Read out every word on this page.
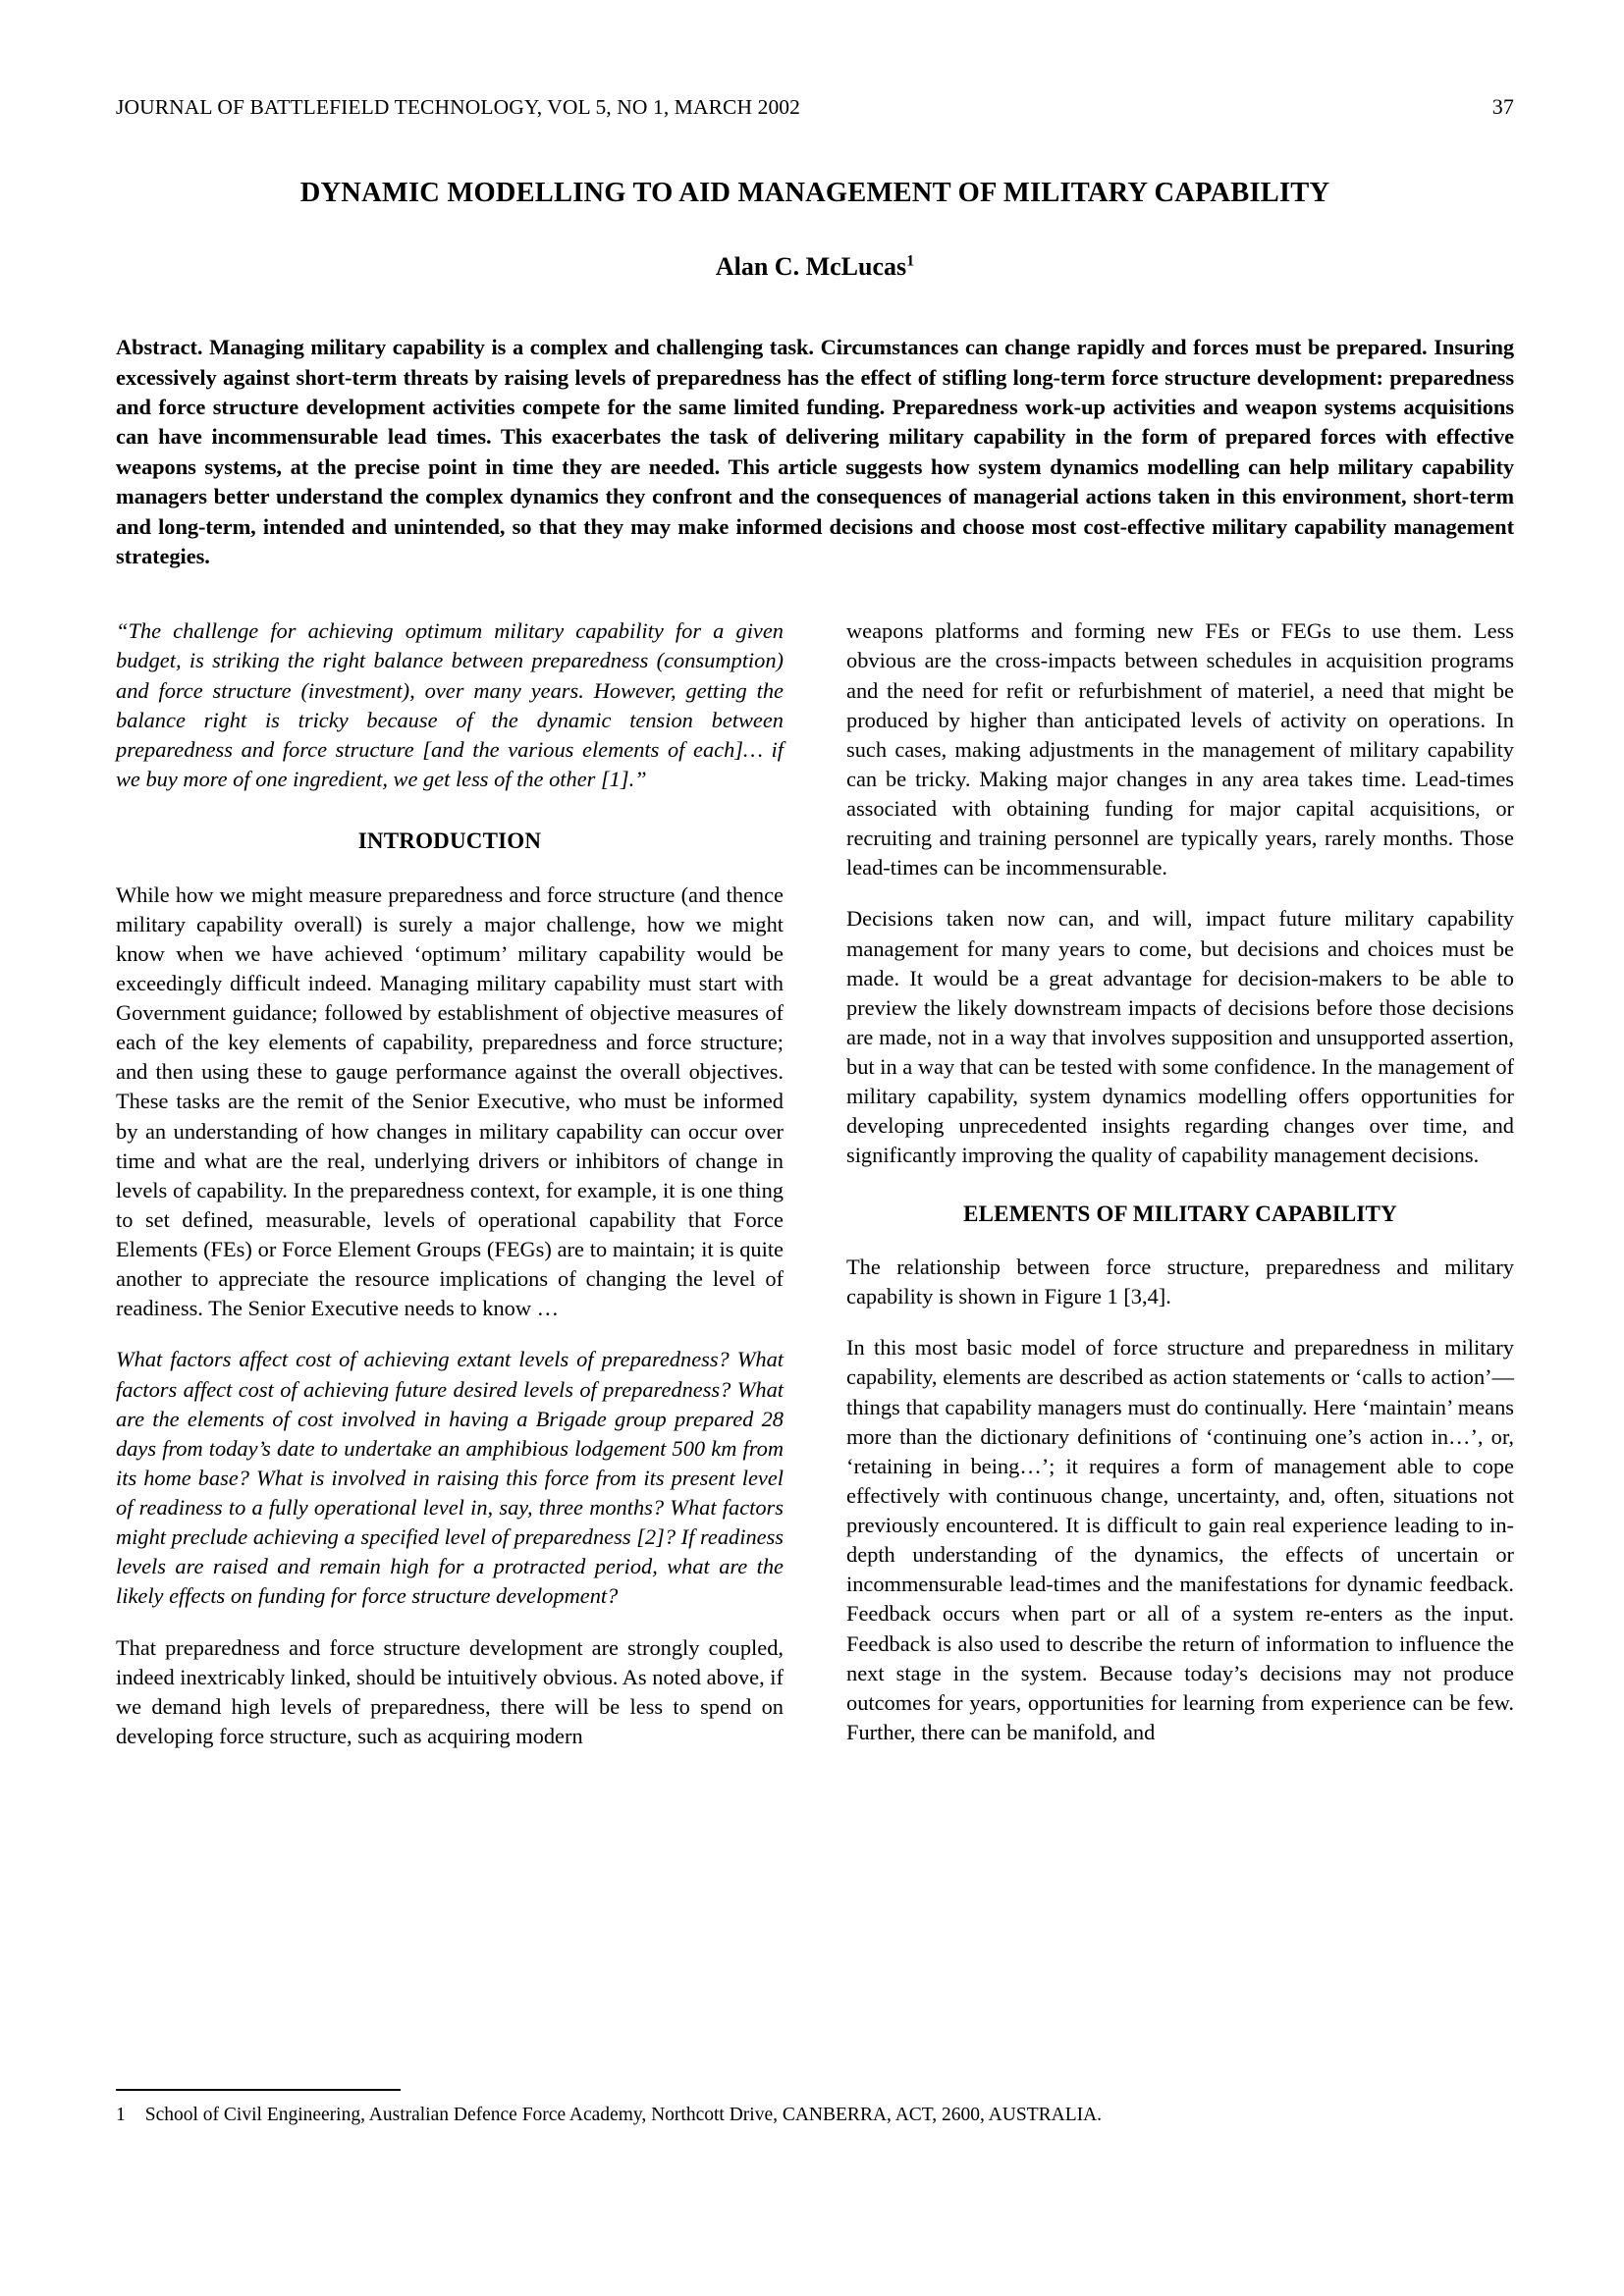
JOURNAL OF BATTLEFIELD TECHNOLOGY, VOL 5, NO 1, MARCH 2002	37
DYNAMIC MODELLING TO AID MANAGEMENT OF MILITARY CAPABILITY
Alan C. McLucas$^1$
Abstract. Managing military capability is a complex and challenging task. Circumstances can change rapidly and forces must be prepared. Insuring excessively against short-term threats by raising levels of preparedness has the effect of stifling long-term force structure development: preparedness and force structure development activities compete for the same limited funding. Preparedness work-up activities and weapon systems acquisitions can have incommensurable lead times. This exacerbates the task of delivering military capability in the form of prepared forces with effective weapons systems, at the precise point in time they are needed. This article suggests how system dynamics modelling can help military capability managers better understand the complex dynamics they confront and the consequences of managerial actions taken in this environment, short-term and long-term, intended and unintended, so that they may make informed decisions and choose most cost-effective military capability management strategies.

“The challenge for achieving optimum military capability for a given budget, is striking the right balance between preparedness (consumption) and force structure (investment), over many years. However, getting the balance right is tricky because of the dynamic tension between preparedness and force structure [and the various elements of each]… if we buy more of one ingredient, we get less of the other [1].”

INTRODUCTION

While how we might measure preparedness and force structure (and thence military capability overall) is surely a major challenge, how we might know when we have achieved ‘optimum’ military capability would be exceedingly difficult indeed. Managing military capability must start with Government guidance; followed by establishment of objective measures of each of the key elements of capability, preparedness and force structure; and then using these to gauge performance against the overall objectives. These tasks are the remit of the Senior Executive, who must be informed by an understanding of how changes in military capability can occur over time and what are the real, underlying drivers or inhibitors of change in levels of capability. In the preparedness context, for example, it is one thing to set defined, measurable, levels of operational capability that Force Elements (FEs) or Force Element Groups (FEGs) are to maintain; it is quite another to appreciate the resource implications of changing the level of readiness. The Senior Executive needs to know …

What factors affect cost of achieving extant levels of preparedness? What factors affect cost of achieving future desired levels of preparedness? What are the elements of cost involved in having a Brigade group prepared 28 days from today’s date to undertake an amphibious lodgement 500 km from its home base? What is involved in raising this force from its present level of readiness to a fully operational level in, say, three months? What factors might preclude achieving a specified level of preparedness [2]? If readiness levels are raised and remain high for a protracted period, what are the likely effects on funding for force structure development?

That preparedness and force structure development are strongly coupled, indeed inextricably linked, should be intuitively obvious. As noted above, if we demand high levels of preparedness, there will be less to spend on developing force structure, such as acquiring modern

weapons platforms and forming new FEs or FEGs to use them. Less obvious are the cross-impacts between schedules in acquisition programs and the need for refit or refurbishment of materiel, a need that might be produced by higher than anticipated levels of activity on operations. In such cases, making adjustments in the management of military capability can be tricky. Making major changes in any area takes time. Lead-times associated with obtaining funding for major capital acquisitions, or recruiting and training personnel are typically years, rarely months. Those lead-times can be incommensurable.

Decisions taken now can, and will, impact future military capability management for many years to come, but decisions and choices must be made. It would be a great advantage for decision-makers to be able to preview the likely downstream impacts of decisions before those decisions are made, not in a way that involves supposition and unsupported assertion, but in a way that can be tested with some confidence. In the management of military capability, system dynamics modelling offers opportunities for developing unprecedented insights regarding changes over time, and significantly improving the quality of capability management decisions.

ELEMENTS OF MILITARY CAPABILITY

The relationship between force structure, preparedness and military capability is shown in Figure 1 [3,4].

In this most basic model of force structure and preparedness in military capability, elements are described as action statements or ‘calls to action’—things that capability managers must do continually. Here ‘maintain’ means more than the dictionary definitions of ‘continuing one’s action in…’, or, ‘retaining in being…’; it requires a form of management able to cope effectively with continuous change, uncertainty, and, often, situations not previously encountered. It is difficult to gain real experience leading to in-depth understanding of the dynamics, the effects of uncertain or incommensurable lead-times and the manifestations for dynamic feedback. Feedback occurs when part or all of a system re-enters as the input. Feedback is also used to describe the return of information to influence the next stage in the system. Because today’s decisions may not produce outcomes for years, opportunities for learning from experience can be few. Further, there can be manifold, and

1 School of Civil Engineering, Australian Defence Force Academy, Northcott Drive, CANBERRA, ACT, 2600, AUSTRALIA.
